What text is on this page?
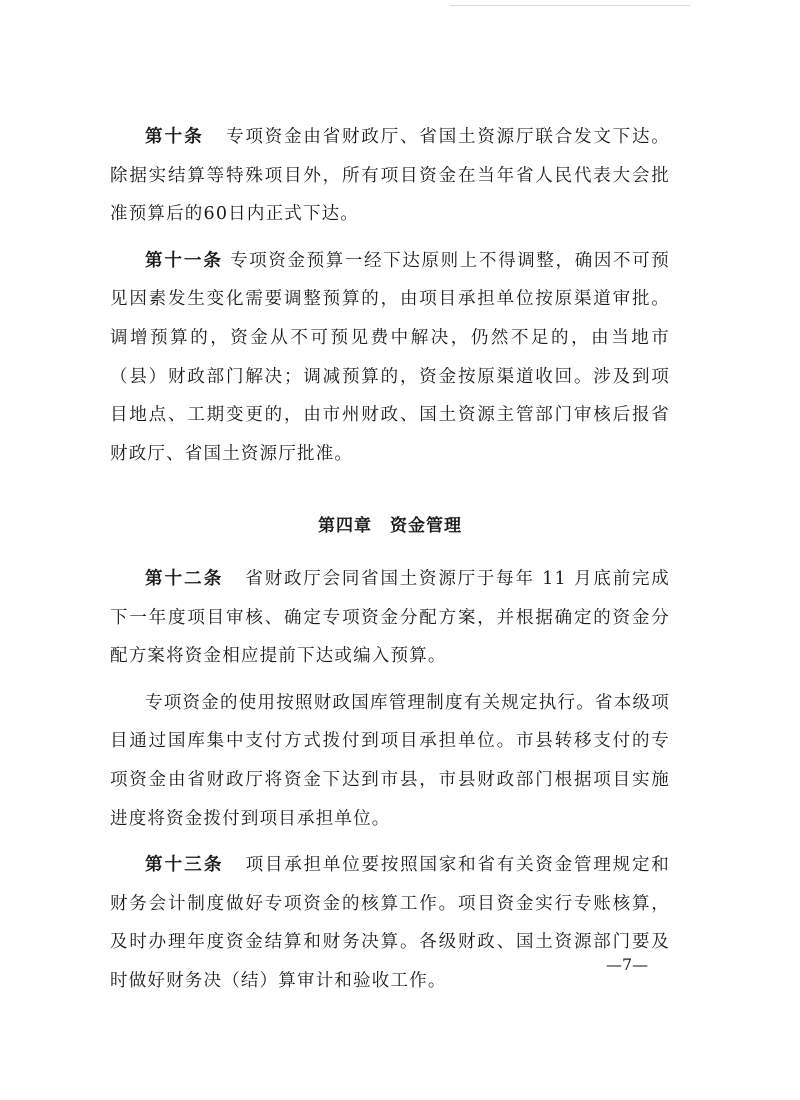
第十条 专项资金由省财政厅、省国土资源厅联合发文下达。除据实结算等特殊项目外，所有项目资金在当年省人民代表大会批准预算后的60日内正式下达。

第十一条 专项资金预算一经下达原则上不得调整，确因不可预见因素发生变化需要调整预算的，由项目承担单位按原渠道审批。调增预算的，资金从不可预见费中解决，仍然不足的，由当地市（县）财政部门解决；调减预算的，资金按原渠道收回。涉及到项目地点、工期变更的，由市州财政、国土资源主管部门审核后报省财政厅、省国土资源厅批准。

第四章 资金管理

第十二条 省财政厅会同省国土资源厅于每年 11 月底前完成下一年度项目审核、确定专项资金分配方案，并根据确定的资金分配方案将资金相应提前下达或编入预算。

专项资金的使用按照财政国库管理制度有关规定执行。省本级项目通过国库集中支付方式拨付到项目承担单位。市县转移支付的专项资金由省财政厅将资金下达到市县，市县财政部门根据项目实施进度将资金拨付到项目承担单位。

第十三条 项目承担单位要按照国家和省有关资金管理规定和财务会计制度做好专项资金的核算工作。项目资金实行专账核算，及时办理年度资金结算和财务决算。各级财政、国土资源部门要及时做好财务决（结）算审计和验收工作。

—7—
